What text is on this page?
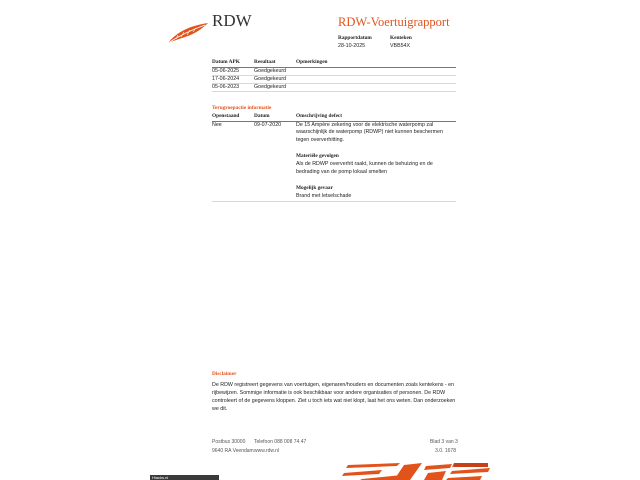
RDW	RDW-Voertuigrapport
Rapportdatum
28-10-2025
Kenteken
VBB54X
Datum APK	Resultaat	Opmerkingen
05-06-2025	Goedgekeurd
17-06-2024	Goedgekeurd
05-06-2023	Goedgekeurd
Terugroepactie informatie
Openstaand	Datum	Omschrijving defect
Nee	09-07-2020	De 15 Ampère zekering voor de elektrische waterpomp zal
waarschijnlijk de waterpomp (RDWP) niet kunnen beschermen
tegen oververhitting.
Materiële gevolgen
Als de RDWP oververhit raakt, kunnen de behuizing en de
bedrading van de pomp lokaal smelten
Mogelijk gevaar
Brand met letselschade
Disclaimer
De RDW registreert gegevens van voertuigen, eigenaren/houders en documenten zoals kentekens - en
rijbewijzen. Sommige informatie is ook beschikbaar voor andere organisaties of personen. De RDW
controleert of de gegevens kloppen. Ziet u toch iets wat niet klopt, laat het ons weten. Dan onderzoeken
we dit.
Postbus 30000
9640 RA Veendam
Telefoon 088 008 74 47
www.rdw.nl
Blad 3 van 3
3.0. 1678
Hlacks.nl
